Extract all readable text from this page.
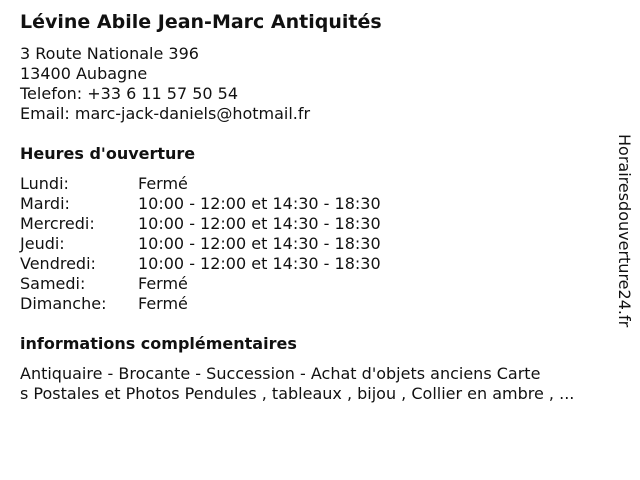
Lévine Abile Jean-Marc Antiquités
3 Route Nationale 396
13400 Aubagne
Telefon: +33 6 11 57 50 54
Email: marc-jack-daniels@hotmail.fr
Heures d'ouverture
Lundi:	Fermé
Mardi:	10:00 - 12:00 et 14:30 - 18:30
Mercredi:	10:00 - 12:00 et 14:30 - 18:30
Jeudi:	10:00 - 12:00 et 14:30 - 18:30
Vendredi:	10:00 - 12:00 et 14:30 - 18:30
Samedi:	Fermé
Dimanche:	Fermé
informations complémentaires
Antiquaire - Brocante - Succession - Achat d'objets anciens Carte
s Postales et Photos Pendules , tableaux , bijou , Collier en ambre , ...
Horairesdouverture24.fr
